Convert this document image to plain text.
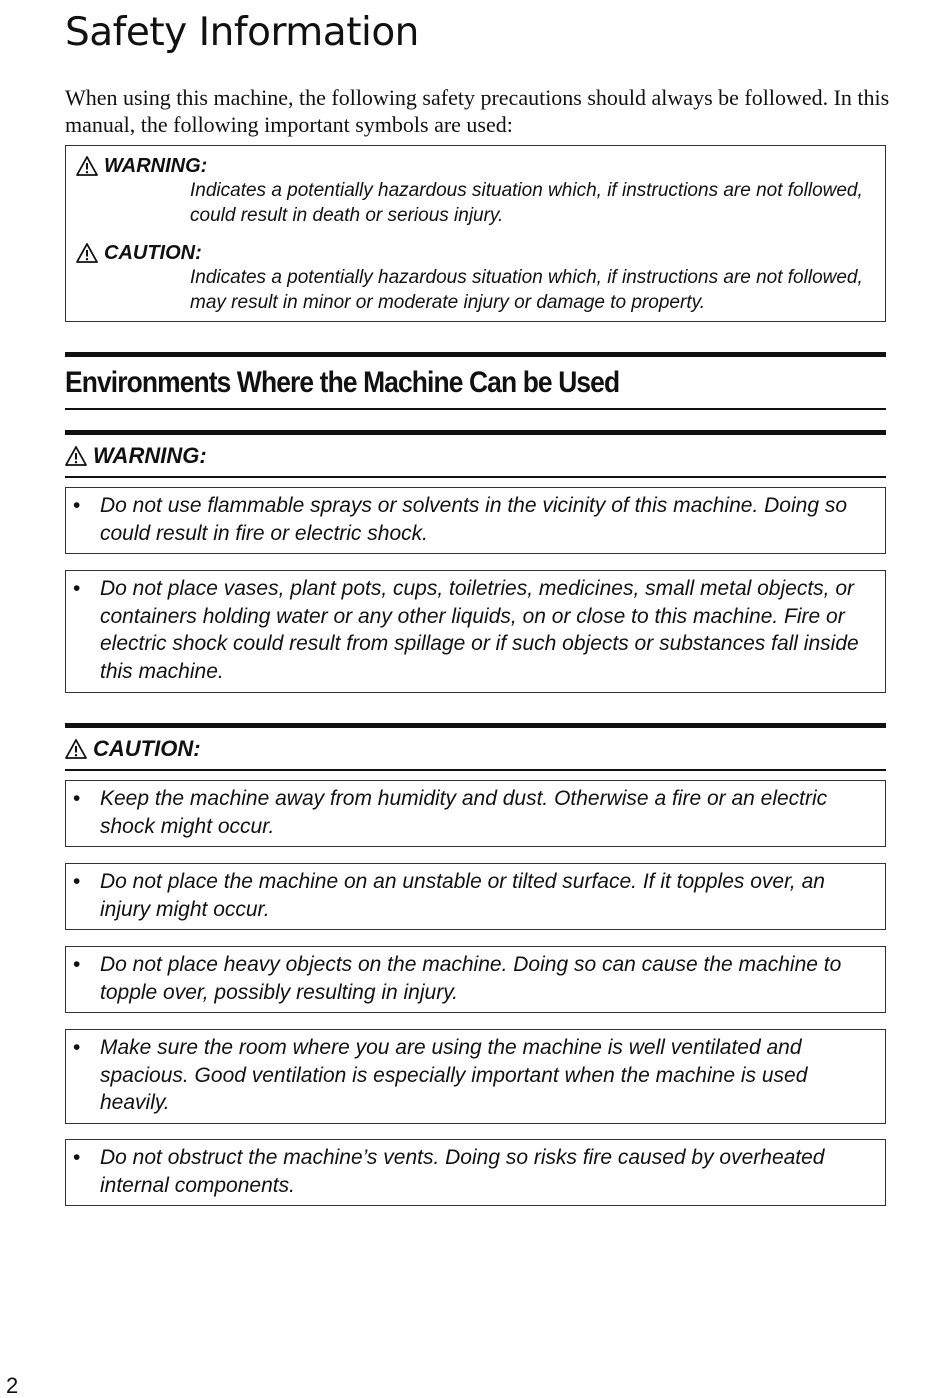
Safety Information

When using this machine, the following safety precautions should always be followed. In this manual, the following important symbols are used:

WARNING:
Indicates a potentially hazardous situation which, if instructions are not followed, could result in death or serious injury.
CAUTION:
Indicates a potentially hazardous situation which, if instructions are not followed, may result in minor or moderate injury or damage to property.
Environments Where the Machine Can be Used
WARNING:
• Do not use flammable sprays or solvents in the vicinity of this machine. Doing so could result in fire or electric shock.
• Do not place vases, plant pots, cups, toiletries, medicines, small metal objects, or containers holding water or any other liquids, on or close to this machine. Fire or electric shock could result from spillage or if such objects or substances fall inside this machine.
CAUTION:
• Keep the machine away from humidity and dust. Otherwise a fire or an electric shock might occur.
• Do not place the machine on an unstable or tilted surface. If it topples over, an injury might occur.
• Do not place heavy objects on the machine. Doing so can cause the machine to topple over, possibly resulting in injury.
• Make sure the room where you are using the machine is well ventilated and spacious. Good ventilation is especially important when the machine is used heavily.
• Do not obstruct the machine’s vents. Doing so risks fire caused by overheated internal components.
2
